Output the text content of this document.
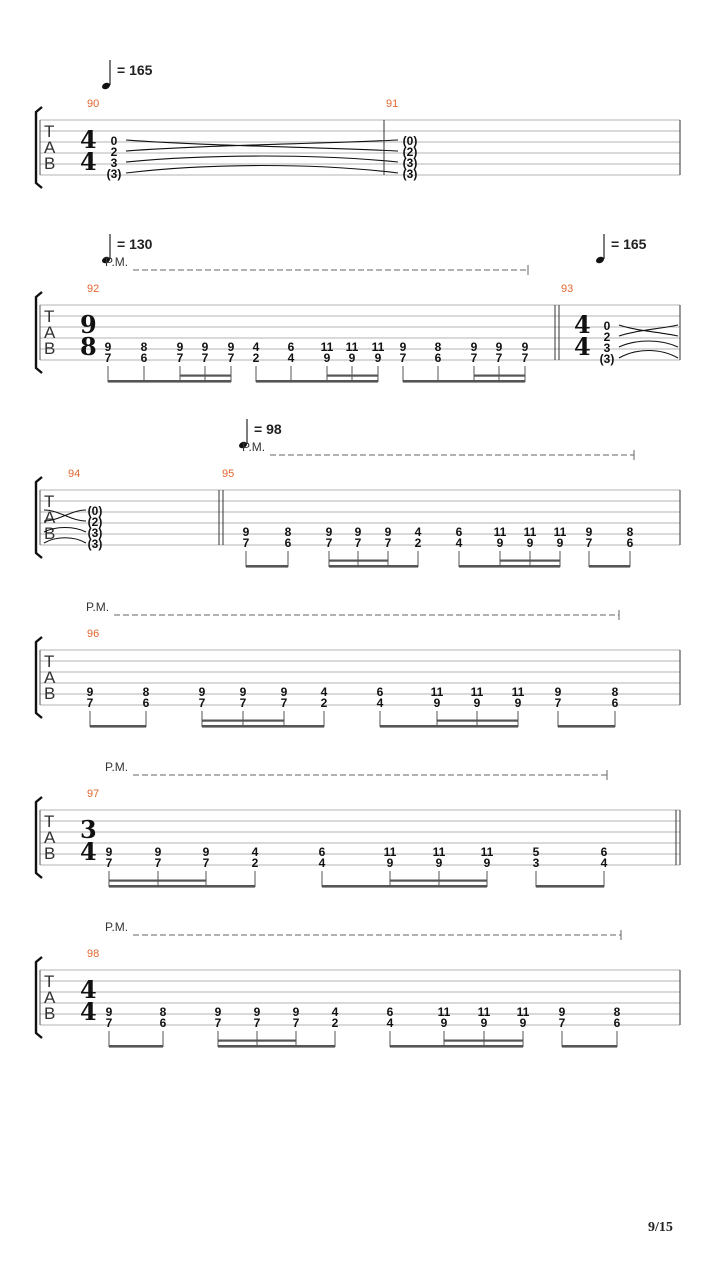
= 165
T
A
B
90
4
4
0
2
3
(3)
91
(0)
(2)
(3)
(3)
= 130	= 165
P.M.
T
A
B
92
9
8 9
7
8
6
9
7
9
7
9
7
4
2
6
4
11
9
11
9
11
9
9
7
8
6
9
7
9
7
9
7
93
4
4
0
2
3
(3)
= 98
P.M.
T
A
B
94
(0)
(2)
(3)
(3)
95
9
7
8
6
9
7
9
7
9
7
4
2
6
4
11
9
11
9
11
9
9
7
8
6
P.M.
T
A
B
96
9
7
8
6
9
7
9
7
9
7
4
2
6
4
11
9
11
9
11
9
9
7
8
6
P.M.
T
A
B
97
3
4 9
7
9
7
9
7
4
2
6
4
11
9
11
9
11
9
5
3
6
4
P.M.
T
A
B
98
4
4 9
7
8
6
9
7
9
7
9
7
4
2
6
4
11
9
11
9
11
9
9
7
8
6
9/15
